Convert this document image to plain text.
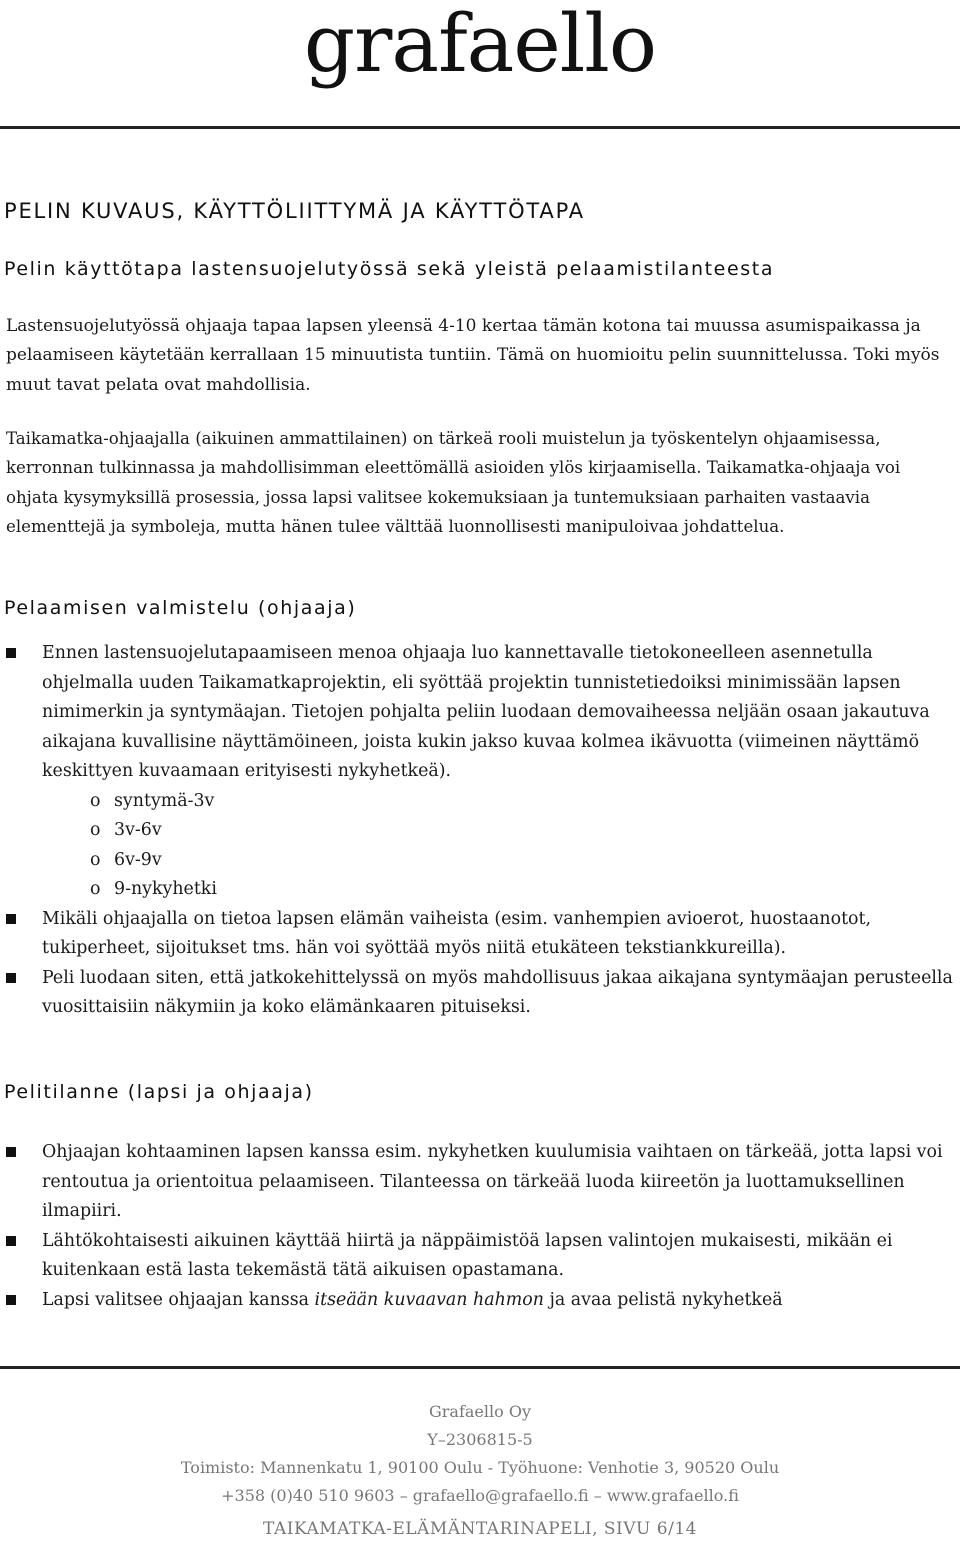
grafaello
PELIN KUVAUS, KÄYTTÖLIITTYMÄ JA KÄYTTÖTAPA
Pelin käyttötapa lastensuojelutyössä sekä yleistä pelaamistilanteesta

Lastensuojelutyössä ohjaaja tapaa lapsen yleensä 4-10 kertaa tämän kotona tai muussa asumispaikassa ja pelaamiseen käytetään kerrallaan 15 minuutista tuntiin. Tämä on huomioitu pelin suunnittelussa. Toki myös muut tavat pelata ovat mahdollisia.

Taikamatka-ohjaajalla (aikuinen ammattilainen) on tärkeä rooli muistelun ja työskentelyn ohjaamisessa, kerronnan tulkinnassa ja mahdollisimman eleettömällä asioiden ylös kirjaamisella. Taikamatka-ohjaaja voi ohjata kysymyksillä prosessia, jossa lapsi valitsee kokemuksiaan ja tuntemuksiaan parhaiten vastaavia elementtejä ja symboleja, mutta hänen tulee välttää luonnollisesti manipuloivaa johdattelua.

Pelaamisen valmistelu (ohjaaja)
Ennen lastensuojelutapaamiseen menoa ohjaaja luo kannettavalle tietokoneelleen asennetulla ohjelmalla uuden Taikamatkaprojektin, eli syöttää projektin tunnistetiedoiksi minimissään lapsen nimimerkin ja syntymäajan. Tietojen pohjalta peliin luodaan demovaiheessa neljään osaan jakautuva aikajana kuvallisine näyttämöineen, joista kukin jakso kuvaa kolmea ikävuotta (viimeinen näyttämö keskittyen kuvaamaan erityisesti nykyhetkeä).
o syntymä-3v
o 3v-6v
o 6v-9v
o 9-nykyhetki
Mikäli ohjaajalla on tietoa lapsen elämän vaiheista (esim. vanhempien avioerot, huostaanotot, tukiperheet, sijoitukset tms. hän voi syöttää myös niitä etukäteen tekstiankkureilla).
Peli luodaan siten, että jatkokehittelyssä on myös mahdollisuus jakaa aikajana syntymäajan perusteella vuosittaisiin näkymiin ja koko elämänkaaren pituiseksi.
Pelitilanne (lapsi ja ohjaaja)
Ohjaajan kohtaaminen lapsen kanssa esim. nykyhetken kuulumisia vaihtaen on tärkeää, jotta lapsi voi rentoutua ja orientoitua pelaamiseen. Tilanteessa on tärkeää luoda kiireetön ja luottamuksellinen ilmapiiri.
Lähtökohtaisesti aikuinen käyttää hiirtä ja näppäimistöä lapsen valintojen mukaisesti, mikään ei kuitenkaan estä lasta tekemästä tätä aikuisen opastamana.
Lapsi valitsee ohjaajan kanssa itseään kuvaavan hahmon ja avaa pelistä nykyhetkeä
Grafaello Oy
Y–2306815-5
Toimisto: Mannenkatu 1, 90100 Oulu - Työhuone: Venhotie 3, 90520 Oulu
+358 (0)40 510 9603 – grafaello@grafaello.fi – www.grafaello.fi
TAIKAMATKA-ELÄMÄNTARINAPELI, SIVU 6/14
